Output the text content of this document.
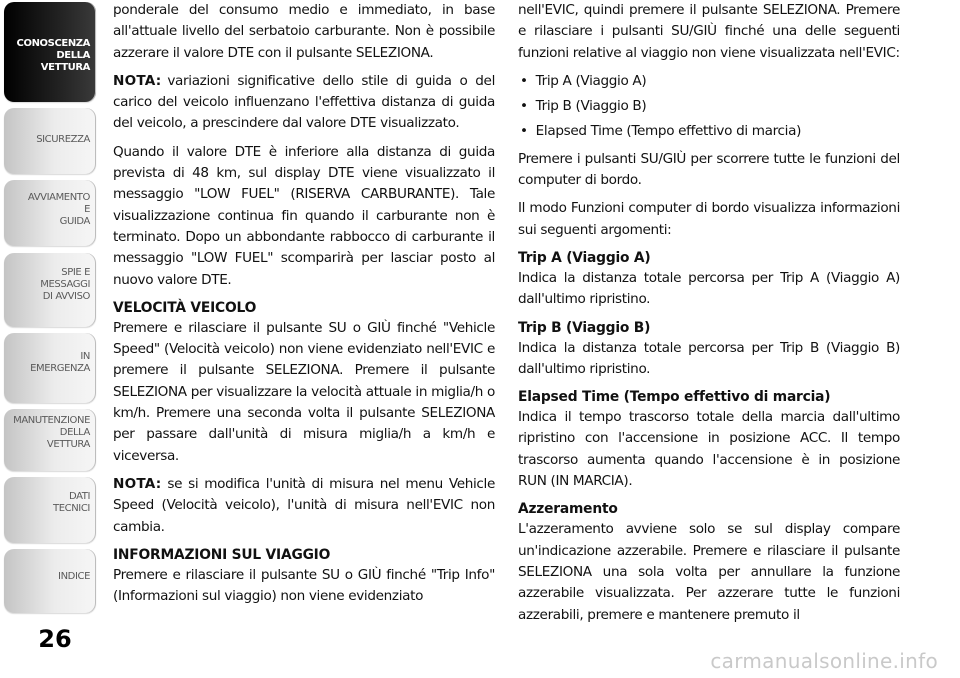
CONOSCENZA
DELLA
VETTURA
SICUREZZA
AVVIAMENTO
E
GUIDA
SPIE E
MESSAGGI
DI AVVISO
IN
EMERGENZA
MANUTENZIONE
DELLA
VETTURA
DATI
TECNICI
INDICE
26

ponderale del consumo medio e immediato, in base all'attuale livello del serbatoio carburante. Non è possibile azzerare il valore DTE con il pulsante SELEZIONA.

NOTA: variazioni significative dello stile di guida o del carico del veicolo influenzano l'effettiva distanza di guida del veicolo, a prescindere dal valore DTE visualizzato.

Quando il valore DTE è inferiore alla distanza di guida prevista di 48 km, sul display DTE viene visualizzato il messaggio "LOW FUEL" (RISERVA CARBURANTE). Tale visualizzazione continua fin quando il carburante non è terminato. Dopo un abbondante rabbocco di carburante il messaggio "LOW FUEL" scomparirà per lasciar posto al nuovo valore DTE.

VELOCITÀ VEICOLO

Premere e rilasciare il pulsante SU o GIÙ finché "Vehicle Speed" (Velocità veicolo) non viene evidenziato nell'EVIC e premere il pulsante SELEZIONA. Premere il pulsante SELEZIONA per visualizzare la velocità attuale in miglia/h o km/h. Premere una seconda volta il pulsante SELEZIONA per passare dall'unità di misura miglia/h a km/h e viceversa.

NOTA: se si modifica l'unità di misura nel menu Vehicle Speed (Velocità veicolo), l'unità di misura nell'EVIC non cambia.

INFORMAZIONI SUL VIAGGIO

Premere e rilasciare il pulsante SU o GIÙ finché "Trip Info" (Informazioni sul viaggio) non viene evidenziato

nell'EVIC, quindi premere il pulsante SELEZIONA. Premere e rilasciare i pulsanti SU/GIÙ finché una delle seguenti funzioni relative al viaggio non viene visualizzata nell'EVIC:

• Trip A (Viaggio A)
• Trip B (Viaggio B)
• Elapsed Time (Tempo effettivo di marcia)

Premere i pulsanti SU/GIÙ per scorrere tutte le funzioni del computer di bordo.

Il modo Funzioni computer di bordo visualizza informazioni sui seguenti argomenti:

Trip A (Viaggio A)

Indica la distanza totale percorsa per Trip A (Viaggio A) dall'ultimo ripristino.

Trip B (Viaggio B)

Indica la distanza totale percorsa per Trip B (Viaggio B) dall'ultimo ripristino.

Elapsed Time (Tempo effettivo di marcia)

Indica il tempo trascorso totale della marcia dall'ultimo ripristino con l'accensione in posizione ACC. Il tempo trascorso aumenta quando l'accensione è in posizione RUN (IN MARCIA).

Azzeramento

L'azzeramento avviene solo se sul display compare un'indicazione azzerabile. Premere e rilasciare il pulsante SELEZIONA una sola volta per annullare la funzione azzerabile visualizzata. Per azzerare tutte le funzioni azzerabili, premere e mantenere premuto il

carmanualsonline.info
